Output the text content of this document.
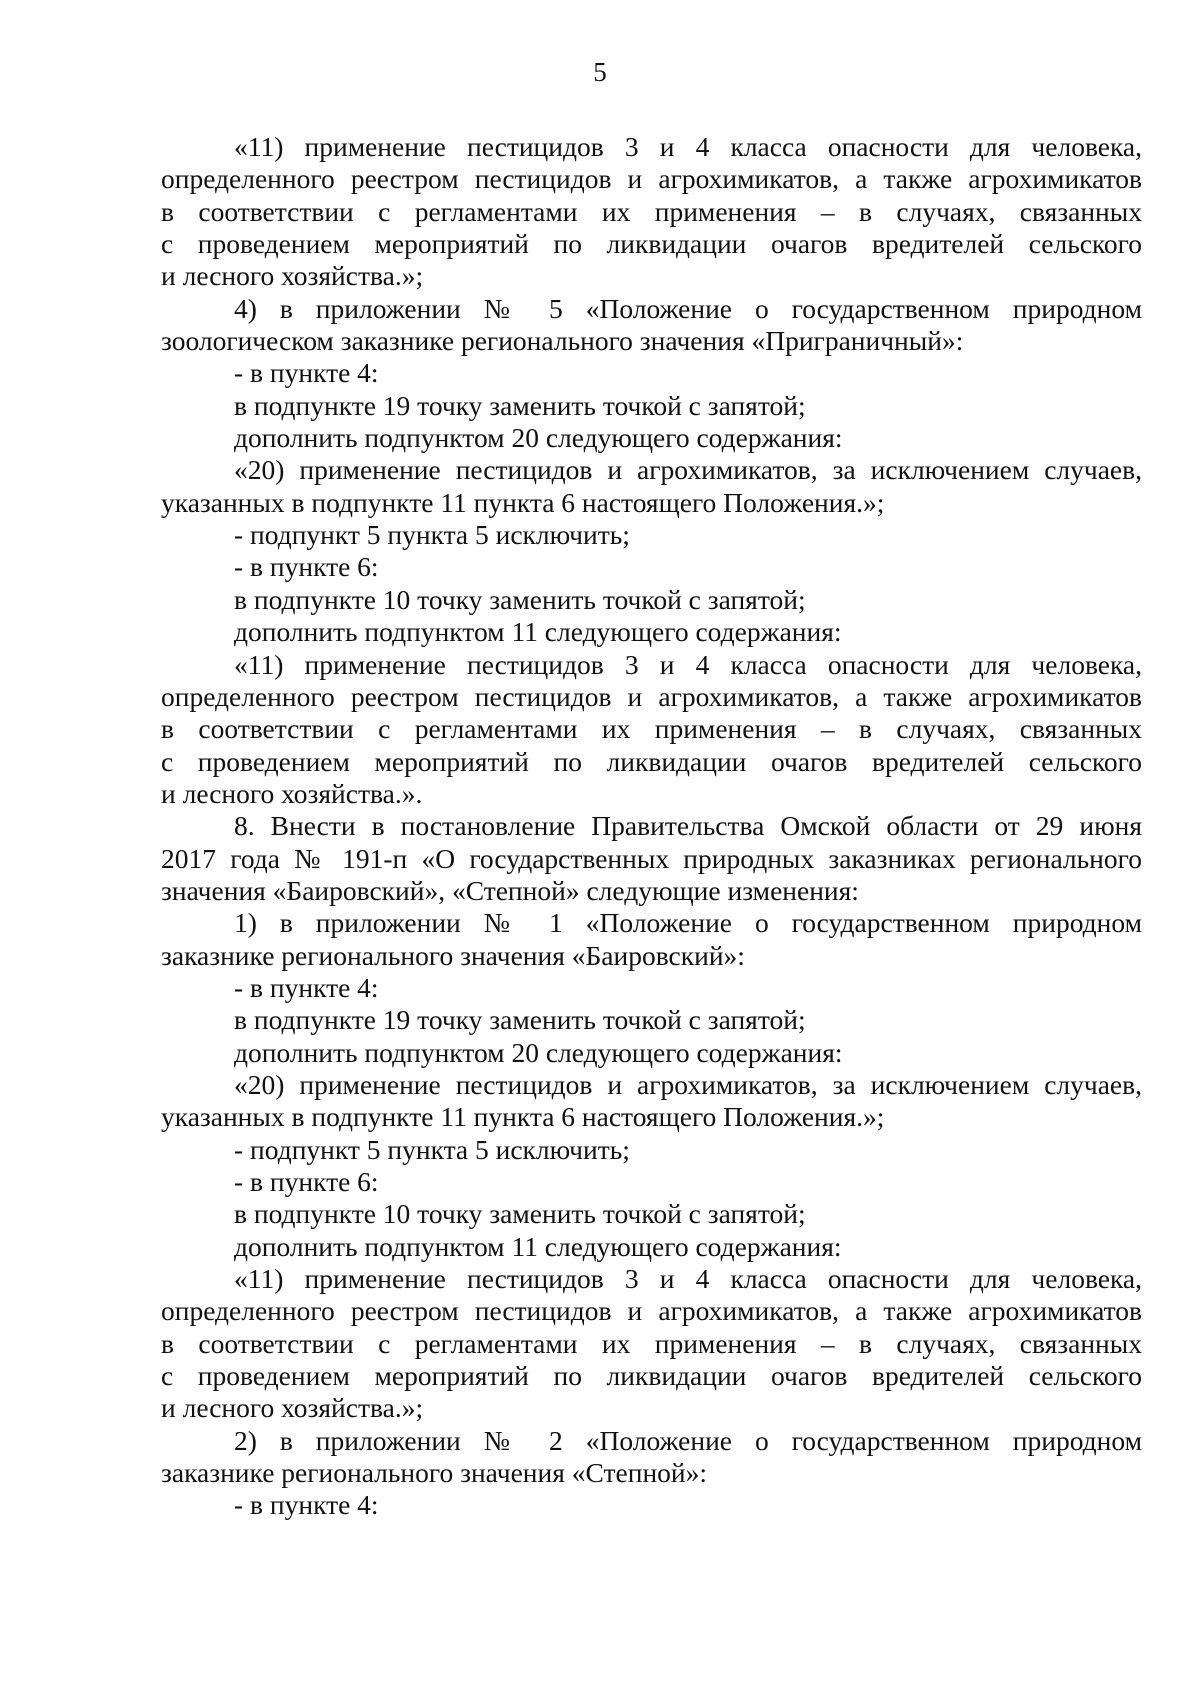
5

«11) применение пестицидов 3 и 4 класса опасности для человека,

определенного реестром пестицидов и агрохимикатов, а также агрохимикатов

в соответствии с регламентами их применения – в случаях, связанных

с проведением мероприятий по ликвидации очагов вредителей сельского

и лесного хозяйства.»;

4) в приложении № 5 «Положение о государственном природном

зоологическом заказнике регионального значения «Приграничный»:

- в пункте 4:

в подпункте 19 точку заменить точкой с запятой;

дополнить подпунктом 20 следующего содержания:

«20) применение пестицидов и агрохимикатов, за исключением случаев,

указанных в подпункте 11 пункта 6 настоящего Положения.»;

- подпункт 5 пункта 5 исключить;

- в пункте 6:

в подпункте 10 точку заменить точкой с запятой;

дополнить подпунктом 11 следующего содержания:

«11) применение пестицидов 3 и 4 класса опасности для человека,

определенного реестром пестицидов и агрохимикатов, а также агрохимикатов

в соответствии с регламентами их применения – в случаях, связанных

с проведением мероприятий по ликвидации очагов вредителей сельского

и лесного хозяйства.».

8. Внести в постановление Правительства Омской области от 29 июня

2017 года № 191-п «О государственных природных заказниках регионального

значения «Баировский», «Степной» следующие изменения:

1) в приложении № 1 «Положение о государственном природном

заказнике регионального значения «Баировский»:

- в пункте 4:

в подпункте 19 точку заменить точкой с запятой;

дополнить подпунктом 20 следующего содержания:

«20) применение пестицидов и агрохимикатов, за исключением случаев,

указанных в подпункте 11 пункта 6 настоящего Положения.»;

- подпункт 5 пункта 5 исключить;

- в пункте 6:

в подпункте 10 точку заменить точкой с запятой;

дополнить подпунктом 11 следующего содержания:

«11) применение пестицидов 3 и 4 класса опасности для человека,

определенного реестром пестицидов и агрохимикатов, а также агрохимикатов

в соответствии с регламентами их применения – в случаях, связанных

с проведением мероприятий по ликвидации очагов вредителей сельского

и лесного хозяйства.»;

2) в приложении № 2 «Положение о государственном природном

заказнике регионального значения «Степной»:

- в пункте 4:
